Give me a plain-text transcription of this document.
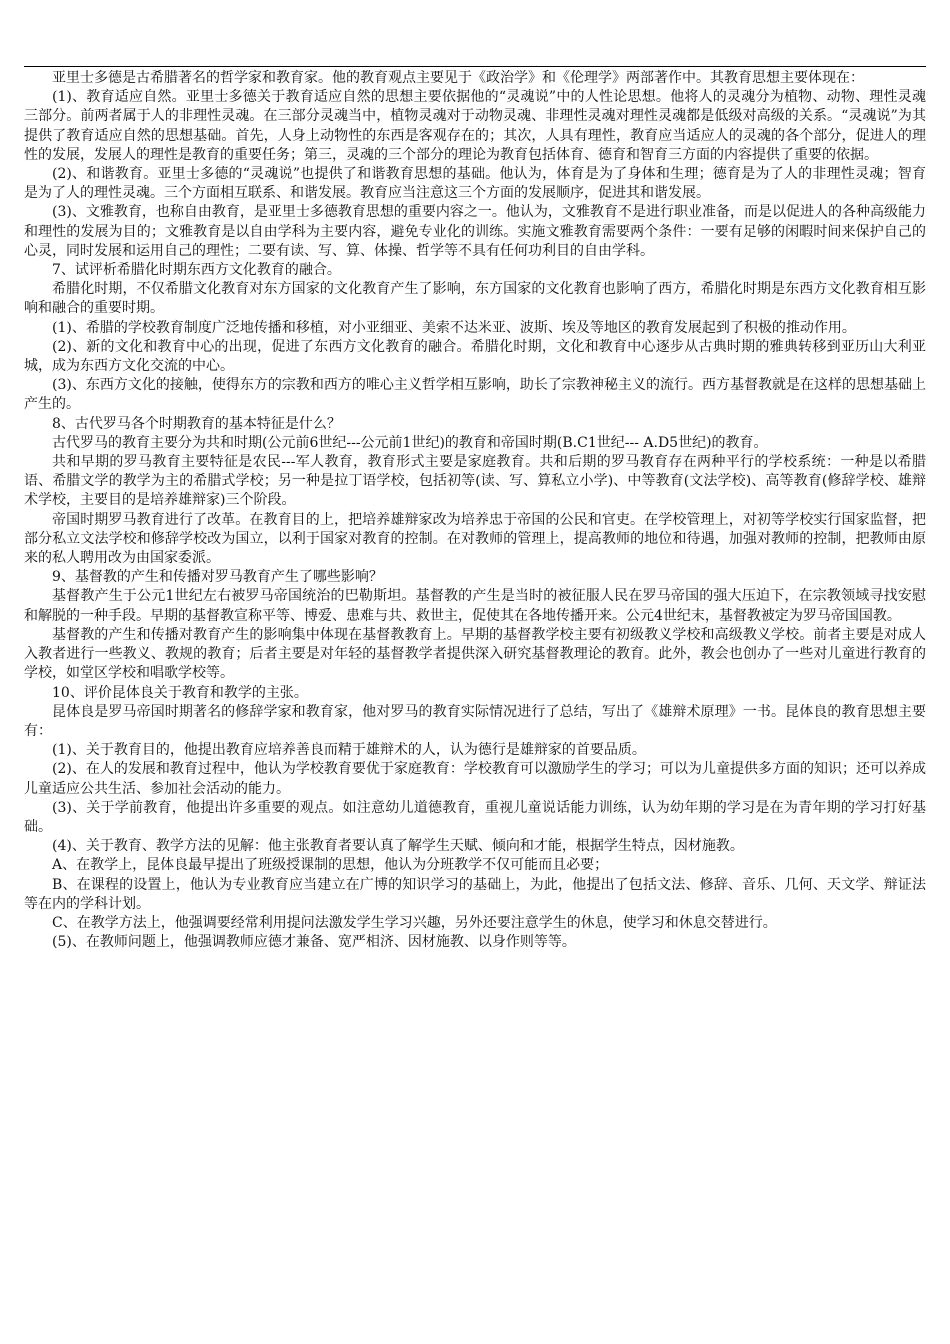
亚里士多德是古希腊著名的哲学家和教育家。他的教育观点主要见于《政治学》和《伦理学》两部著作中。其教育思想主要体现在：

(1)、教育适应自然。亚里士多德关于教育适应自然的思想主要依据他的“灵魂说”中的人性论思想。他将人的灵魂分为植物、动物、理性灵魂三部分。前两者属于人的非理性灵魂。在三部分灵魂当中，植物灵魂对于动物灵魂、非理性灵魂对理性灵魂都是低级对高级的关系。“灵魂说”为其提供了教育适应自然的思想基础。首先，人身上动物性的东西是客观存在的；其次，人具有理性，教育应当适应人的灵魂的各个部分，促进人的理性的发展，发展人的理性是教育的重要任务；第三，灵魂的三个部分的理论为教育包括体育、德育和智育三方面的内容提供了重要的依据。

(2)、和谐教育。亚里士多德的“灵魂说”也提供了和谐教育思想的基础。他认为，体育是为了身体和生理；德育是为了人的非理性灵魂；智育是为了人的理性灵魂。三个方面相互联系、和谐发展。教育应当注意这三个方面的发展顺序，促进其和谐发展。

(3)、文雅教育，也称自由教育，是亚里士多德教育思想的重要内容之一。他认为，文雅教育不是进行职业准备，而是以促进人的各种高级能力和理性的发展为目的；文雅教育是以自由学科为主要内容，避免专业化的训练。实施文雅教育需要两个条件：一要有足够的闲暇时间来保护自己的心灵，同时发展和运用自己的理性；二要有读、写、算、体操、哲学等不具有任何功利目的自由学科。

7、试评析希腊化时期东西方文化教育的融合。

希腊化时期，不仅希腊文化教育对东方国家的文化教育产生了影响，东方国家的文化教育也影响了西方，希腊化时期是东西方文化教育相互影响和融合的重要时期。

(1)、希腊的学校教育制度广泛地传播和移植，对小亚细亚、美索不达米亚、波斯、埃及等地区的教育发展起到了积极的推动作用。

(2)、新的文化和教育中心的出现，促进了东西方文化教育的融合。希腊化时期，文化和教育中心逐步从古典时期的雅典转移到亚历山大利亚城，成为东西方文化交流的中心。

(3)、东西方文化的接触，使得东方的宗教和西方的唯心主义哲学相互影响，助长了宗教神秘主义的流行。西方基督教就是在这样的思想基础上产生的。

8、古代罗马各个时期教育的基本特征是什么？

古代罗马的教育主要分为共和时期(公元前6世纪---公元前1世纪)的教育和帝国时期(B.C1世纪--- A.D5世纪)的教育。

共和早期的罗马教育主要特征是农民---军人教育，教育形式主要是家庭教育。共和后期的罗马教育存在两种平行的学校系统：一种是以希腊语、希腊文学的教学为主的希腊式学校；另一种是拉丁语学校，包括初等(读、写、算私立小学)、中等教育(文法学校)、高等教育(修辞学校、雄辩术学校，主要目的是培养雄辩家)三个阶段。

帝国时期罗马教育进行了改革。在教育目的上，把培养雄辩家改为培养忠于帝国的公民和官吏。在学校管理上，对初等学校实行国家监督，把部分私立文法学校和修辞学校改为国立，以利于国家对教育的控制。在对教师的管理上，提高教师的地位和待遇，加强对教师的控制，把教师由原来的私人聘用改为由国家委派。

9、基督教的产生和传播对罗马教育产生了哪些影响？

基督教产生于公元1世纪左右被罗马帝国统治的巴勒斯坦。基督教的产生是当时的被征服人民在罗马帝国的强大压迫下，在宗教领域寻找安慰和解脱的一种手段。早期的基督教宣称平等、博爱、患难与共、救世主，促使其在各地传播开来。公元4世纪末，基督教被定为罗马帝国国教。

基督教的产生和传播对教育产生的影响集中体现在基督教教育上。早期的基督教学校主要有初级教义学校和高级教义学校。前者主要是对成人入教者进行一些教义、教规的教育；后者主要是对年轻的基督教学者提供深入研究基督教理论的教育。此外，教会也创办了一些对儿童进行教育的学校，如堂区学校和唱歌学校等。

10、评价昆体良关于教育和教学的主张。

昆体良是罗马帝国时期著名的修辞学家和教育家，他对罗马的教育实际情况进行了总结，写出了《雄辩术原理》一书。昆体良的教育思想主要有：

(1)、关于教育目的，他提出教育应培养善良而精于雄辩术的人，认为德行是雄辩家的首要品质。

(2)、在人的发展和教育过程中，他认为学校教育要优于家庭教育：学校教育可以激励学生的学习；可以为儿童提供多方面的知识；还可以养成儿童适应公共生活、参加社会活动的能力。

(3)、关于学前教育，他提出许多重要的观点。如注意幼儿道德教育，重视儿童说话能力训练，认为幼年期的学习是在为青年期的学习打好基础。

(4)、关于教育、教学方法的见解：他主张教育者要认真了解学生天赋、倾向和才能，根据学生特点，因材施教。

A、在教学上，昆体良最早提出了班级授课制的思想，他认为分班教学不仅可能而且必要；

B、在课程的设置上，他认为专业教育应当建立在广博的知识学习的基础上，为此，他提出了包括文法、修辞、音乐、几何、天文学、辩证法等在内的学科计划。

C、在教学方法上，他强调要经常利用提问法激发学生学习兴趣，另外还要注意学生的休息，使学习和休息交替进行。

(5)、在教师问题上，他强调教师应德才兼备、宽严相济、因材施教、以身作则等等。
